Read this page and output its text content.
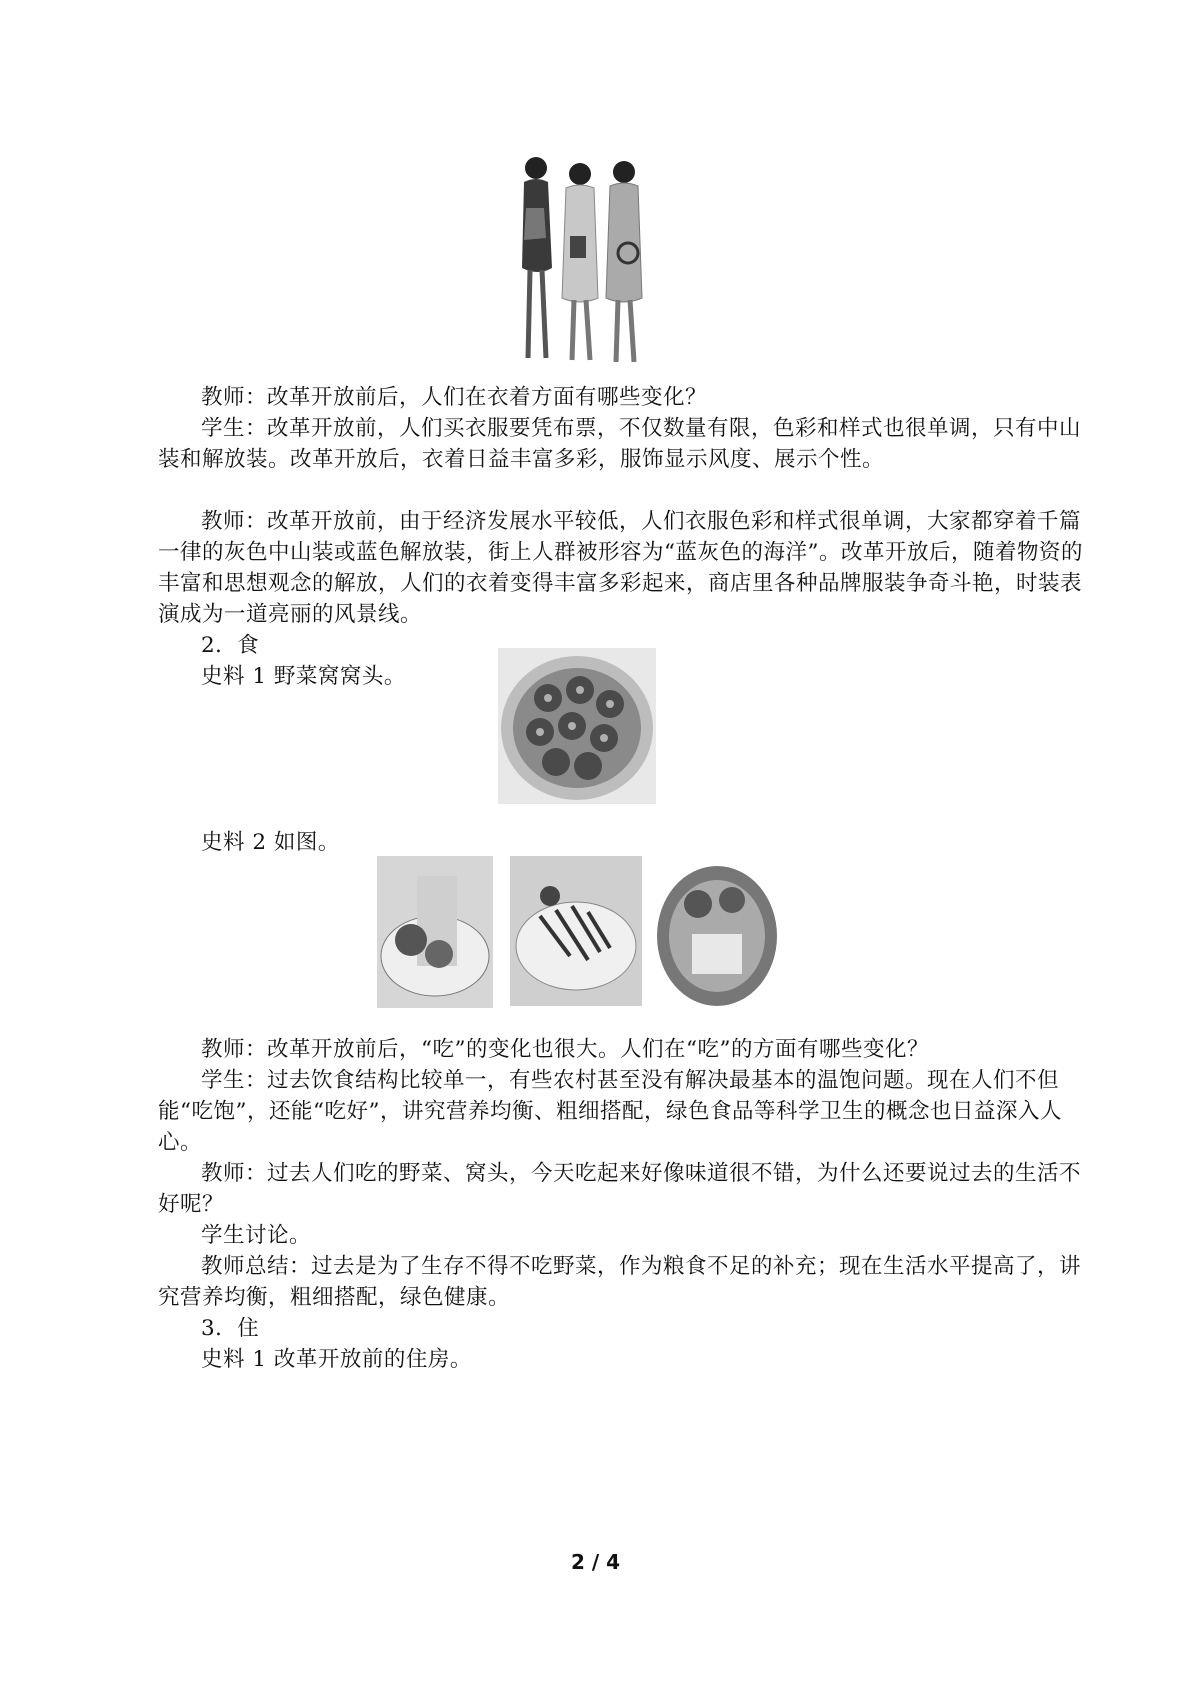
教师：改革开放前后，人们在衣着方面有哪些变化？

学生：改革开放前，人们买衣服要凭布票，不仅数量有限，色彩和样式也很单调，只有中山装和解放装。改革开放后，衣着日益丰富多彩，服饰显示风度、展示个性。

教师：改革开放前，由于经济发展水平较低，人们衣服色彩和样式很单调，大家都穿着千篇一律的灰色中山装或蓝色解放装，街上人群被形容为“蓝灰色的海洋”。改革开放后，随着物资的丰富和思想观念的解放，人们的衣着变得丰富多彩起来，商店里各种品牌服装争奇斗艳，时装表演成为一道亮丽的风景线。

2．食

史料 1 野菜窝窝头。

史料 2 如图。

教师：改革开放前后，“吃”的变化也很大。人们在“吃”的方面有哪些变化？

学生：过去饮食结构比较单一，有些农村甚至没有解决最基本的温饱问题。现在人们不但能“吃饱”，还能“吃好”，讲究营养均衡、粗细搭配，绿色食品等科学卫生的概念也日益深入人心。

教师：过去人们吃的野菜、窝头，今天吃起来好像味道很不错，为什么还要说过去的生活不好呢？

学生讨论。

教师总结：过去是为了生存不得不吃野菜，作为粮食不足的补充；现在生活水平提高了，讲究营养均衡，粗细搭配，绿色健康。

3．住

史料 1 改革开放前的住房。

2 / 4
